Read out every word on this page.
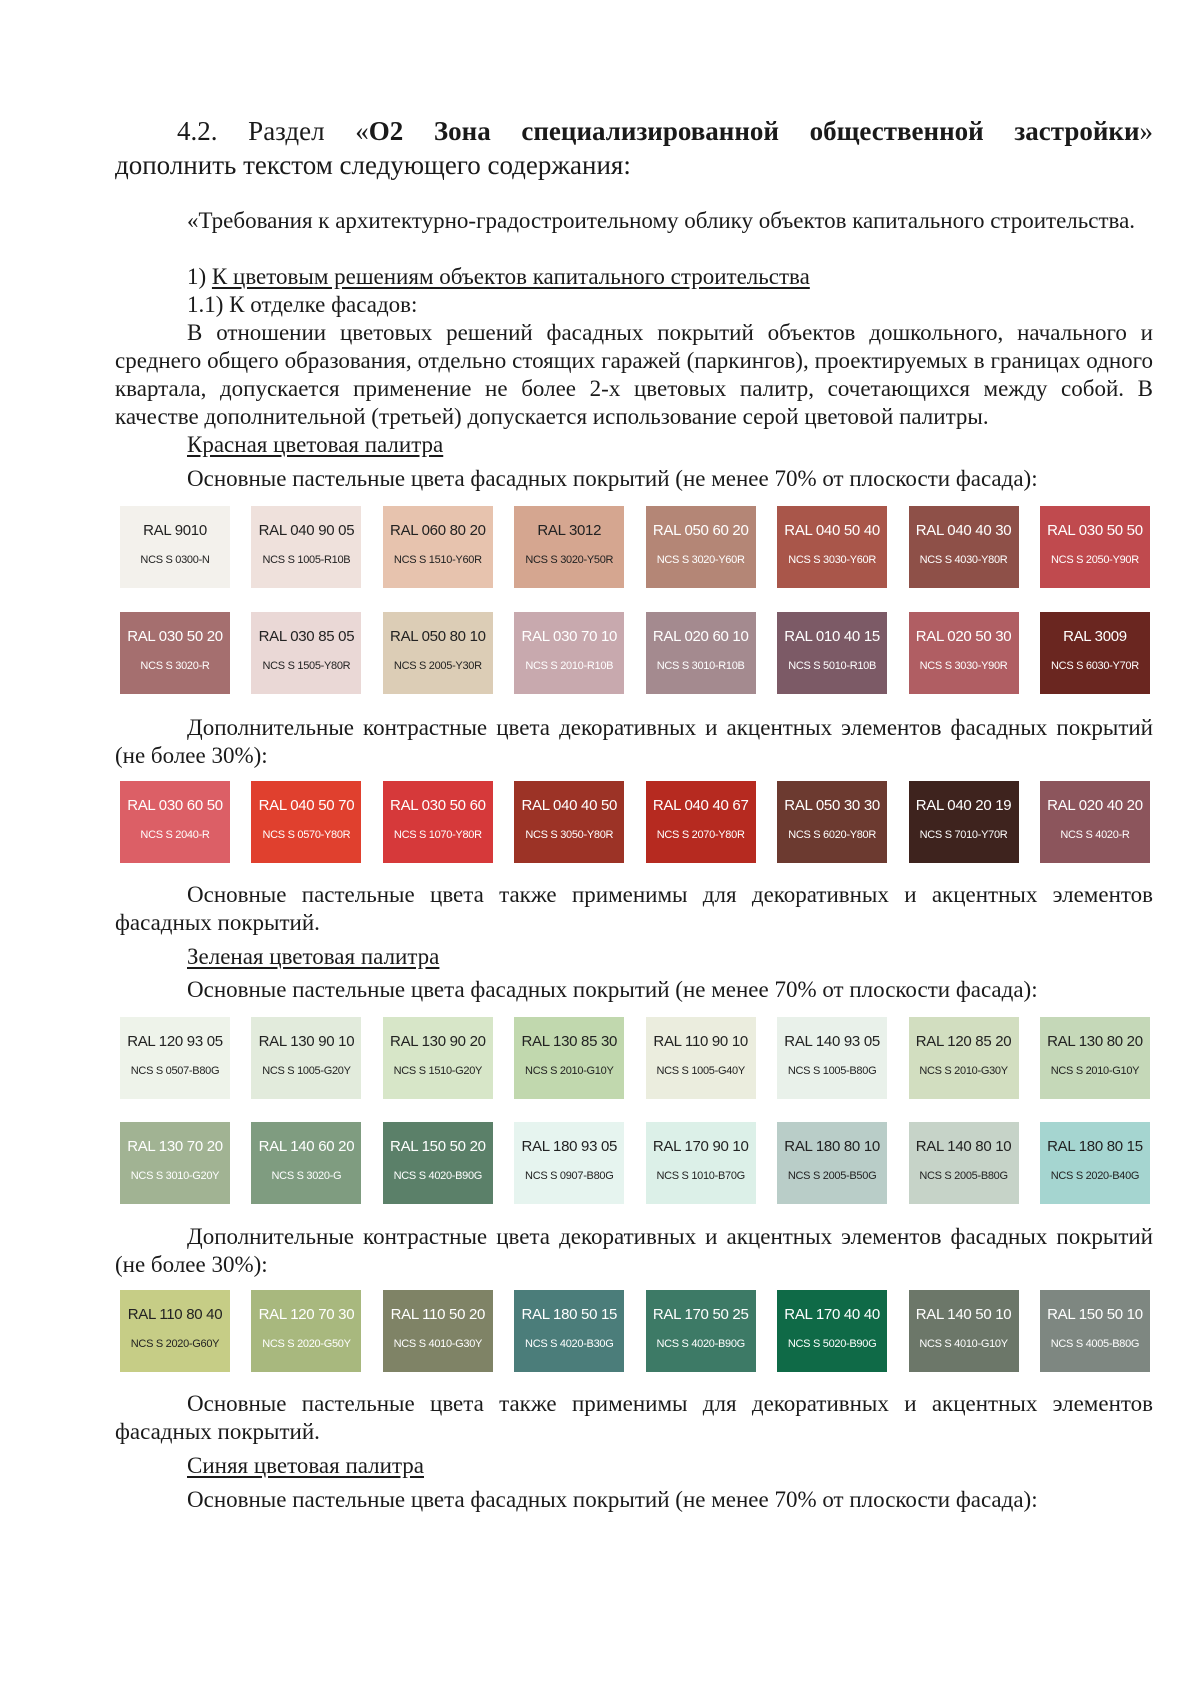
4.2. Раздел «О2 Зона специализированной общественной застройки»
дополнить текстом следующего содержания:
«Требования к архитектурно-градостроительному облику объектов капитального строительства.
1) К цветовым решениям объектов капитального строительства
1.1) К отделке фасадов:
В отношении цветовых решений фасадных покрытий объектов дошкольного, начального и среднего общего образования, отдельно стоящих гаражей (паркингов), проектируемых в границах одного квартала, допускается применение не более 2-х цветовых палитр, сочетающихся между собой. В качестве дополнительной (третьей) допускается использование серой цветовой палитры.
Красная цветовая палитра
Основные пастельные цвета фасадных покрытий (не менее 70% от плоскости фасада):
RAL 9010
NCS S 0300-N
RAL 040 90 05
NCS S 1005-R10B
RAL 060 80 20
NCS S 1510-Y60R
RAL 3012
NCS S 3020-Y50R
RAL 050 60 20
NCS S 3020-Y60R
RAL 040 50 40
NCS S 3030-Y60R
RAL 040 40 30
NCS S 4030-Y80R
RAL 030 50 50
NCS S 2050-Y90R
RAL 030 50 20
NCS S 3020-R
RAL 030 85 05
NCS S 1505-Y80R
RAL 050 80 10
NCS S 2005-Y30R
RAL 030 70 10
NCS S 2010-R10B
RAL 020 60 10
NCS S 3010-R10B
RAL 010 40 15
NCS S 5010-R10B
RAL 020 50 30
NCS S 3030-Y90R
RAL 3009
NCS S 6030-Y70R
Дополнительные контрастные цвета декоративных и акцентных элементов фасадных покрытий (не более 30%):
RAL 030 60 50
NCS S 2040-R
RAL 040 50 70
NCS S 0570-Y80R
RAL 030 50 60
NCS S 1070-Y80R
RAL 040 40 50
NCS S 3050-Y80R
RAL 040 40 67
NCS S 2070-Y80R
RAL 050 30 30
NCS S 6020-Y80R
RAL 040 20 19
NCS S 7010-Y70R
RAL 020 40 20
NCS S 4020-R
Основные пастельные цвета также применимы для декоративных и акцентных элементов фасадных покрытий.
Зеленая цветовая палитра
Основные пастельные цвета фасадных покрытий (не менее 70% от плоскости фасада):
RAL 120 93 05
NCS S 0507-B80G
RAL 130 90 10
NCS S 1005-G20Y
RAL 130 90 20
NCS S 1510-G20Y
RAL 130 85 30
NCS S 2010-G10Y
RAL 110 90 10
NCS S 1005-G40Y
RAL 140 93 05
NCS S 1005-B80G
RAL 120 85 20
NCS S 2010-G30Y
RAL 130 80 20
NCS S 2010-G10Y
RAL 130 70 20
NCS S 3010-G20Y
RAL 140 60 20
NCS S 3020-G
RAL 150 50 20
NCS S 4020-B90G
RAL 180 93 05
NCS S 0907-B80G
RAL 170 90 10
NCS S 1010-B70G
RAL 180 80 10
NCS S 2005-B50G
RAL 140 80 10
NCS S 2005-B80G
RAL 180 80 15
NCS S 2020-B40G
Дополнительные контрастные цвета декоративных и акцентных элементов фасадных покрытий (не более 30%):
RAL 110 80 40
NCS S 2020-G60Y
RAL 120 70 30
NCS S 2020-G50Y
RAL 110 50 20
NCS S 4010-G30Y
RAL 180 50 15
NCS S 4020-B30G
RAL 170 50 25
NCS S 4020-B90G
RAL 170 40 40
NCS S 5020-B90G
RAL 140 50 10
NCS S 4010-G10Y
RAL 150 50 10
NCS S 4005-B80G
Основные пастельные цвета также применимы для декоративных и акцентных элементов фасадных покрытий.
Синяя цветовая палитра
Основные пастельные цвета фасадных покрытий (не менее 70% от плоскости фасада):
